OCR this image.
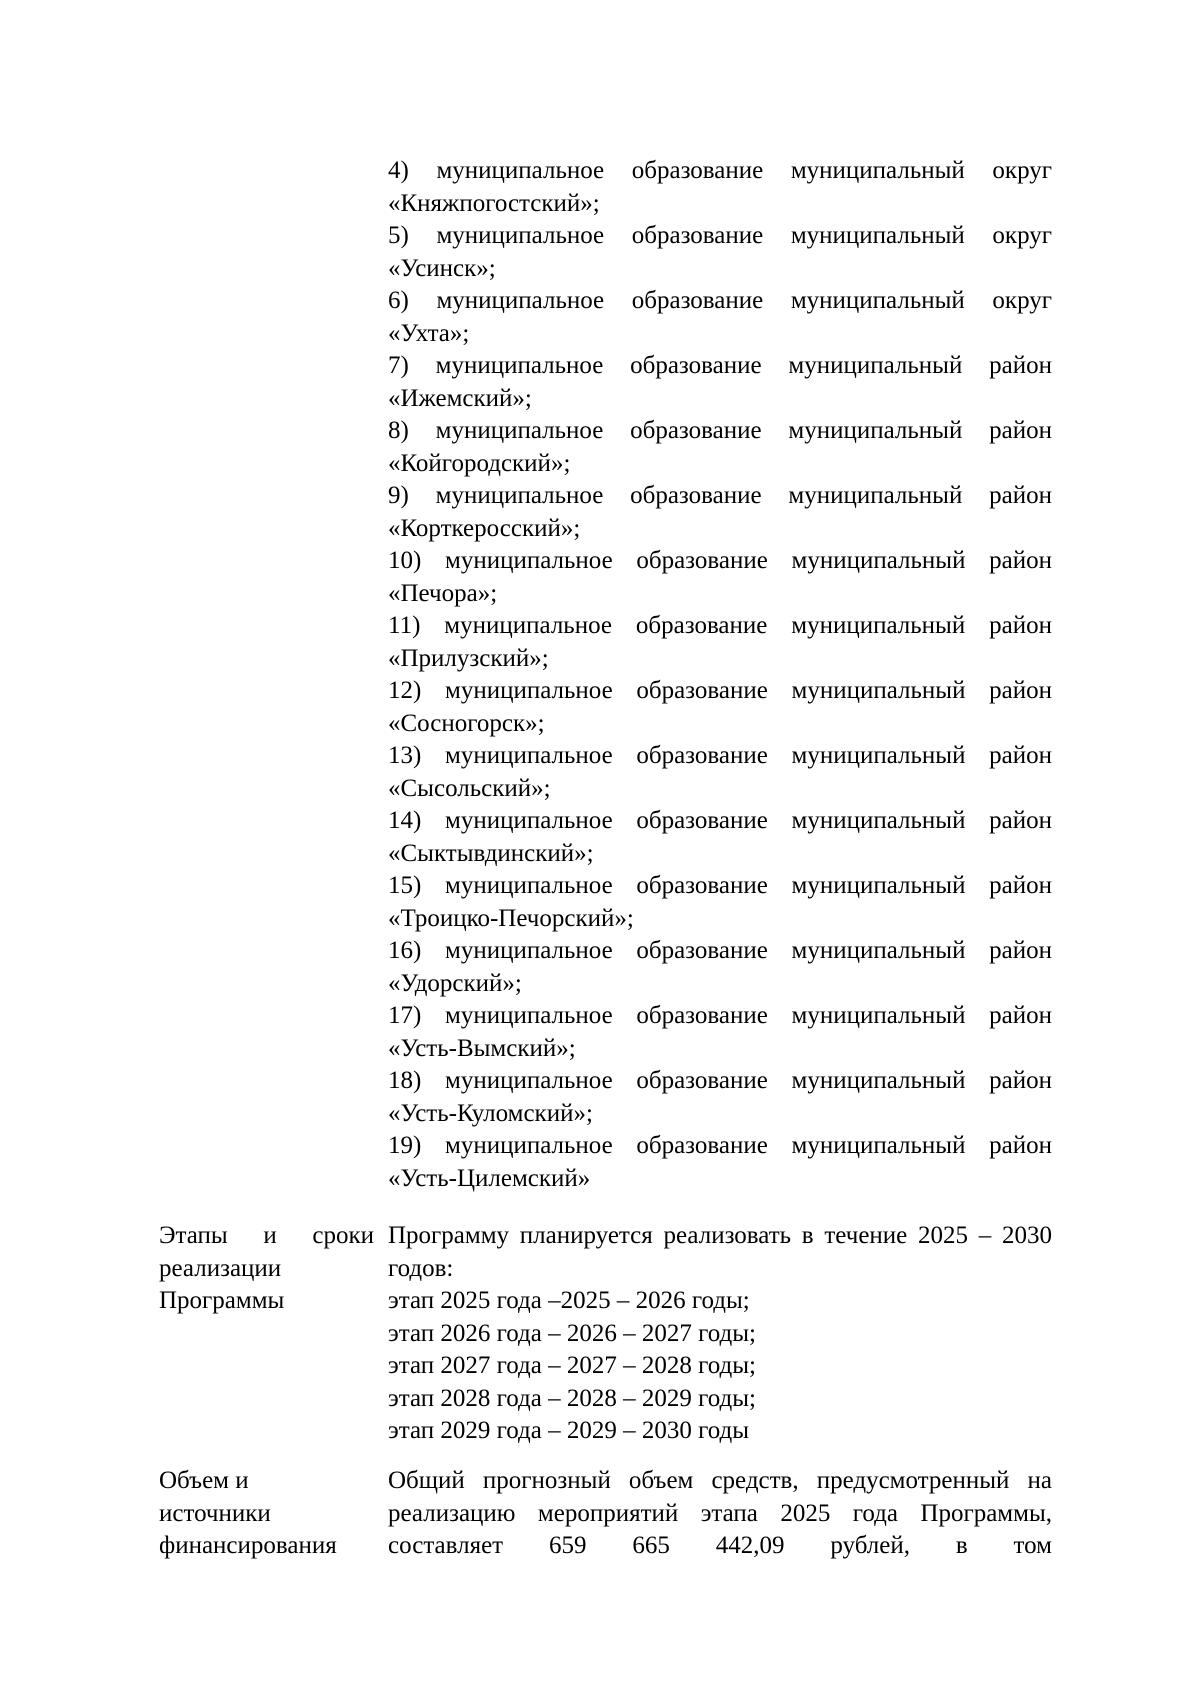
4) муниципальное образование муниципальный округ «Княжпогостский»;

5) муниципальное образование муниципальный округ «Усинск»;

6) муниципальное образование муниципальный округ «Ухта»;

7) муниципальное образование муниципальный район «Ижемский»;

8) муниципальное образование муниципальный район «Койгородский»;

9) муниципальное образование муниципальный район «Корткеросский»;

10) муниципальное образование муниципальный район «Печора»;

11) муниципальное образование муниципальный район «Прилузский»;

12) муниципальное образование муниципальный район «Сосногорск»;

13) муниципальное образование муниципальный район «Сысольский»;

14) муниципальное образование муниципальный район «Сыктывдинский»;

15) муниципальное образование муниципальный район «Троицко-Печорский»;

16) муниципальное образование муниципальный район «Удорский»;

17) муниципальное образование муниципальный район «Усть-Вымский»;

18) муниципальное образование муниципальный район «Усть-Куломский»;

19) муниципальное образование муниципальный район «Усть-Цилемский»

Этапы и сроки

реализации

Программы

Программу планируется реализовать в течение 2025 – 2030 годов:

этап 2025 года –2025 – 2026 годы;

этап 2026 года – 2026 – 2027 годы;

этап 2027 года – 2027 – 2028 годы;

этап 2028 года – 2028 – 2029 годы;

этап 2029 года – 2029 – 2030 годы

Объем и

источники

финансирования

Общий прогнозный объем средств, предусмотренный на реализацию мероприятий этапа 2025 года Программы, составляет 659 665 442,09 рублей, в том
